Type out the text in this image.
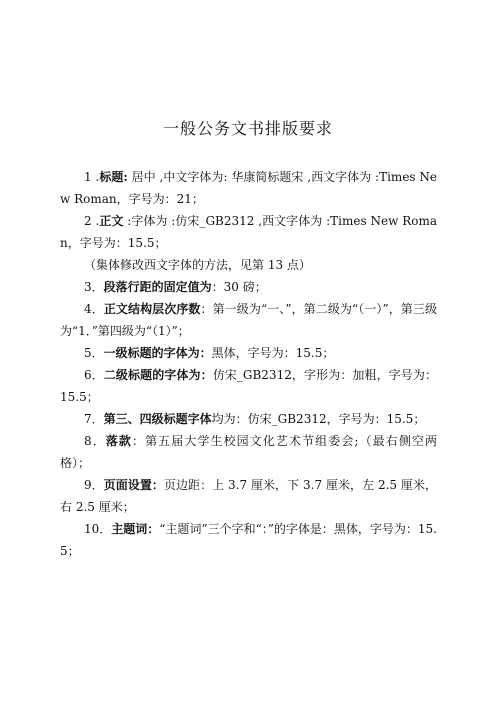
一般公务文书排版要求

1 .标题: 居中 ,中文字体为: 华康简标题宋 ,西文字体为 :Times New Roman，字号为：21；

2 .正文 :字体为 :仿宋_GB2312 ,西文字体为 :Times New Roman，字号为：15.5；

（集体修改西文字体的方法，见第 13 点）

3．段落行距的固定值为：30 磅；

4．正文结构层次序数：第一级为“一、”，第二级为“（一）”，第三级为“1．”第四级为“（1）”；

5．一级标题的字体为：黑体，字号为：15.5；

6．二级标题的字体为：仿宋_GB2312，字形为：加粗，字号为：15.5；

7．第三、四级标题字体均为：仿宋_GB2312，字号为：15.5；

8．落款：第五届大学生校园文化艺术节组委会;（最右侧空两格）；

9．页面设置：页边距：上 3.7 厘米，下 3.7 厘米，左 2.5 厘米，右 2.5 厘米；

10．主题词：“主题词”三个字和“：”的字体是：黑体，字号为：15.5；
